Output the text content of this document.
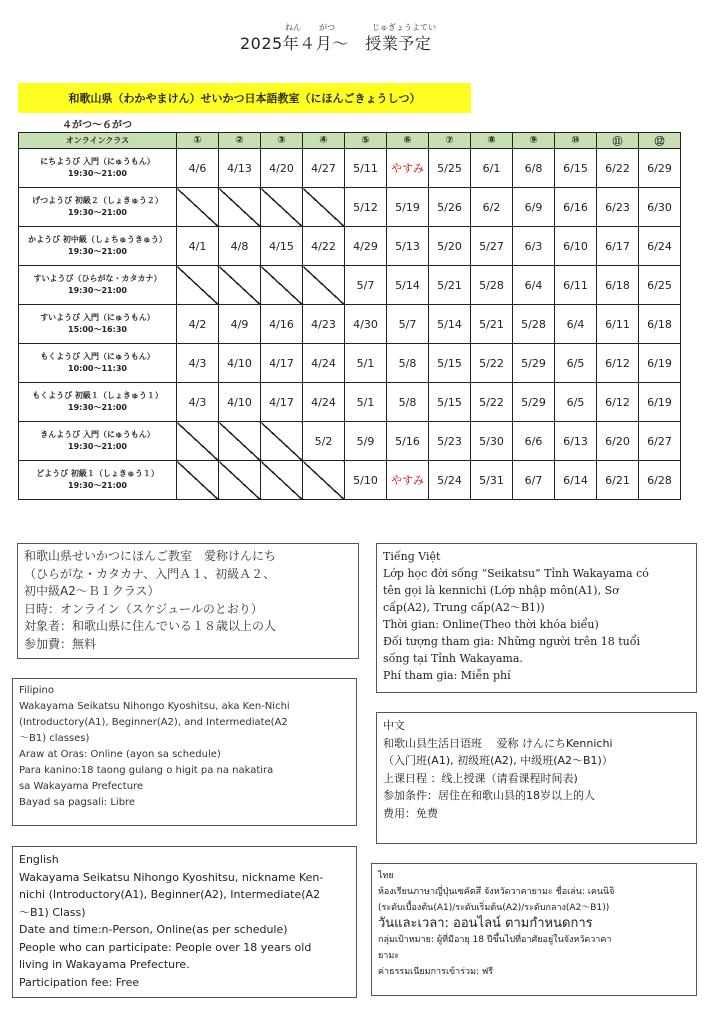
ねん がつ	じゅぎょうよてい
2025年４月～　授業予定
和歌山県（わかやまけん）せいかつ日本語教室（にほんごきょうしつ）
４がつ～６がつ
オンラインクラス	①	②	③	④	⑤	⑥	⑦	⑧	⑨	⑩	⑪	⑫

にちようび 入門（にゅうもん）
19:30～21:00	4/6	4/13	4/20	4/27	5/11	やすみ	5/25	6/1	6/8	6/15	6/22	6/29

げつようび 初級２（しょきゅう２）
19:30～21:00					5/12	5/19	5/26	6/2	6/9	6/16	6/23	6/30

かようび 初中級（しょちゅうきゅう）
19:30～21:00	4/1	4/8	4/15	4/22	4/29	5/13	5/20	5/27	6/3	6/10	6/17	6/24

すいようび（ひらがな・カタカナ）
19:30～21:00					5/7	5/14	5/21	5/28	6/4	6/11	6/18	6/25

すいようび 入門（にゅうもん）
15:00～16:30	4/2	4/9	4/16	4/23	4/30	5/7	5/14	5/21	5/28	6/4	6/11	6/18

もくようび 入門（にゅうもん）
10:00～11:30	4/3	4/10	4/17	4/24	5/1	5/8	5/15	5/22	5/29	6/5	6/12	6/19

もくようび 初級１（しょきゅう１）
19:30～21:00	4/3	4/10	4/17	4/24	5/1	5/8	5/15	5/22	5/29	6/5	6/12	6/19

きんようび 入門（にゅうもん）
19:30～21:00				5/2	5/9	5/16	5/23	5/30	6/6	6/13	6/20	6/27

どようび 初級１（しょきゅう１）
19:30～21:00					5/10	やすみ	5/24	5/31	6/7	6/14	6/21	6/28
和歌山県せいかつにほんご教室　愛称けんにち
（ひらがな・カタカナ、入門Ａ１、初級Ａ２、
初中級A2～Ｂ１クラス）
日時：オンライン（スケジュールのとおり）
対象者：和歌山県に住んでいる１８歳以上の人
参加費：無料
Tiếng Việt
Lớp học đời sống “Seikatsu” Tỉnh Wakayama có
tên gọi là kennichi (Lớp nhập môn(A1), Sơ
cấp(A2), Trung cấp(A2～B1))
Thời gian: Online(Theo thời khóa biểu)
Đối tượng tham gia: Những người trên 18 tuổi
sống tại Tỉnh Wakayama.
Phí tham gia: Miễn phí
Filipino
Wakayama Seikatsu Nihongo Kyoshitsu, aka Ken-Nichi
(Introductory(A1), Beginner(A2), and Intermediate(A2
～B1) classes)
Araw at Oras: Online (ayon sa schedule)
Para kanino:18 taong gulang o higit pa na nakatira
sa Wakayama Prefecture
Bayad sa pagsali: Libre
中文
和歌山县生活日语班　 爱称 けんにちKennichi
（入门班(A1), 初级班(A2), 中级班(A2～B1)）
上课日程 ：线上授课（请看课程时间表)
参加条件：居住在和歌山县的18岁以上的人
费用：免费
English
Wakayama Seikatsu Nihongo Kyoshitsu, nickname Ken-
nichi (Introductory(A1), Beginner(A2), Intermediate(A2
～B1) Class)
Date and time:n-Person, Online(as per schedule)
People who can participate: People over 18 years old
living in Wakayama Prefecture.
Participation fee: Free
ไทย
ห้องเรียนภาษาญี่ปุ่นเซคัตสึ จังหวัดวาคายามะ ชื่อเล่น: เคนนิจิ
(ระดับเบื้องต้น(A1)/ระดับเริ่มต้น(A2)/ระดับกลาง(A2～B1))
วันและเวลา: ออนไลน์ ตามกำหนดการ
กลุ่มเป้าหมาย: ผู้ที่มีอายุ 18 ปีขึ้นไปที่อาศัยอยู่ในจังหวัดวาคา
ยามะ
ค่าธรรมเนียมการเข้าร่วม: ฟรี
